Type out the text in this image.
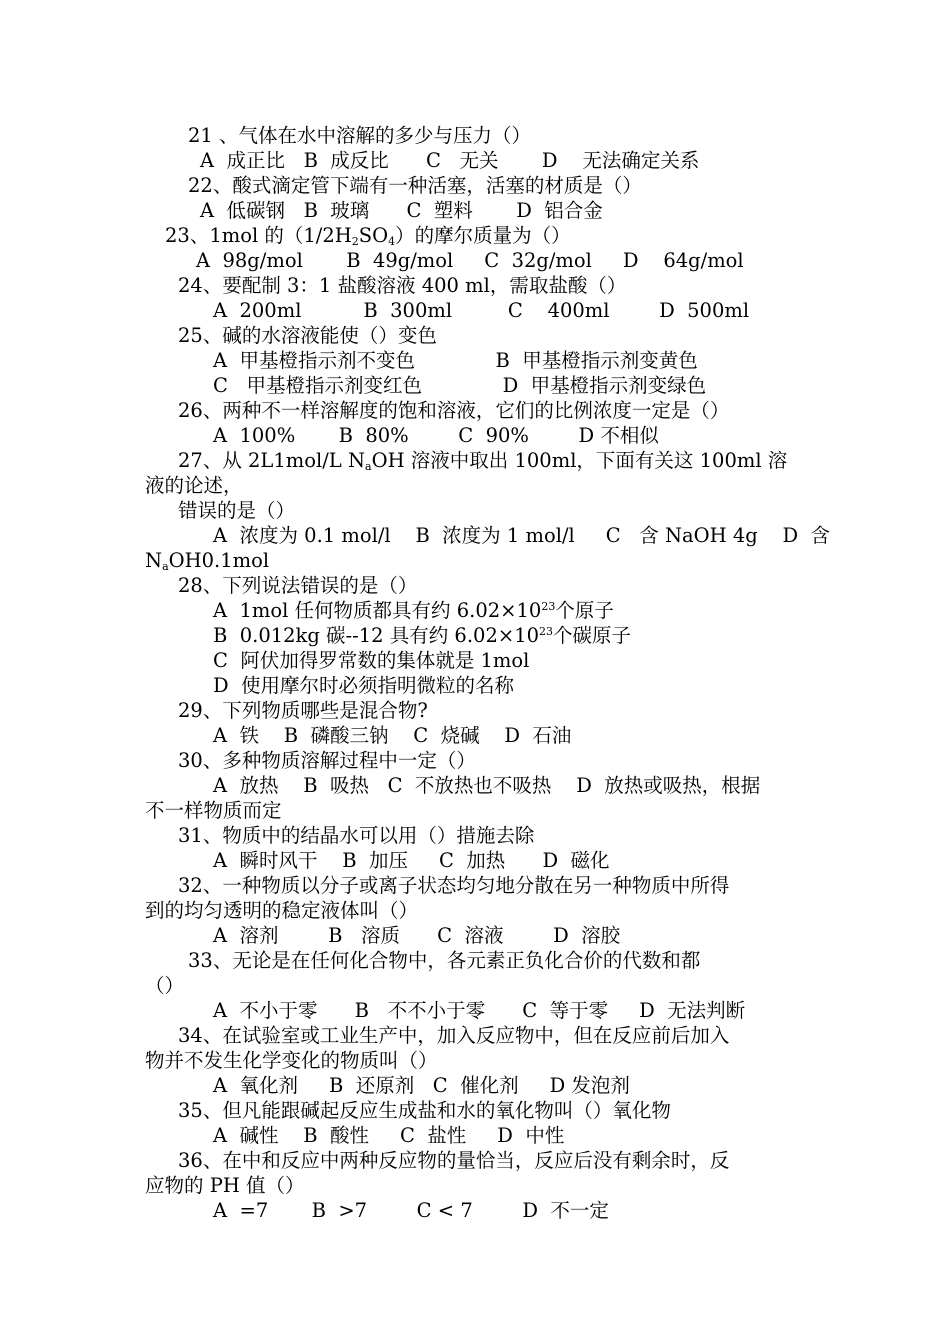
21 、气体在水中溶解的多少与压力（）
A  成正比   B  成反比      C   无关       D    无法确定关系
22、酸式滴定管下端有一种活塞，活塞的材质是（）
A  低碳钢   B  玻璃      C  塑料       D  铝合金
23、1mol 的$(1/2H_2SO_4)$的摩尔质量为（）
A  98g/mol       B  49g/mol     C  32g/mol     D    64g/mol
24、要配制 3：1 盐酸溶液 400 ml，需取盐酸（）
A  200ml          B  300ml         C    400ml        D  500ml
25、碱的水溶液能使（）变色
A  甲基橙指示剂不变色             B  甲基橙指示剂变黄色
C   甲基橙指示剂变红色             D  甲基橙指示剂变绿色
26、两种不一样溶解度的饱和溶液，它们的比例浓度一定是（）
A  100%       B  80%        C  90%        D 不相似
27、从 2L1mol/L $N_aOH$ 溶液中取出 100ml，下面有关这 100ml 溶
液的论述，
错误的是（）
A  浓度为 0.1 mol/l    B  浓度为 1 mol/l     C   含 NaOH 4g    D  含
$N_aOH0.1mol$
28、下列说法错误的是（）
A  1mol 任何物质都具有约 $6.02\times 10^{23}$个原子
B  0.012kg 碳--12 具有约 $6.02\times 10^{23}$个碳原子
C  阿伏加得罗常数的集体就是 1mol
D  使用摩尔时必须指明微粒的名称
29、下列物质哪些是混合物?
A  铁    B  磷酸三钠    C  烧碱    D  石油
30、多种物质溶解过程中一定（）
A  放热    B  吸热   C  不放热也不吸热    D  放热或吸热，根据
不一样物质而定
31、物质中的结晶水可以用（）措施去除
A  瞬时风干    B  加压     C  加热      D  磁化
32、一种物质以分子或离子状态均匀地分散在另一种物质中所得
到的均匀透明的稳定液体叫（）
A  溶剂        B   溶质      C  溶液        D  溶胶
33、无论是在任何化合物中，各元素正负化合价的代数和都
（）
A  不小于零      B   不不小于零      C  等于零     D  无法判断
34、在试验室或工业生产中，加入反应物中，但在反应前后加入
物并不发生化学变化的物质叫（）
A  氧化剂     B  还原剂   C  催化剂     D 发泡剂
35、但凡能跟碱起反应生成盐和水的氧化物叫（）氧化物
A  碱性    B  酸性     C  盐性     D  中性
36、在中和反应中两种反应物的量恰当，反应后没有剩余时，反
应物的 PH 值（）
A  =7       B  >7        C < 7        D  不一定
